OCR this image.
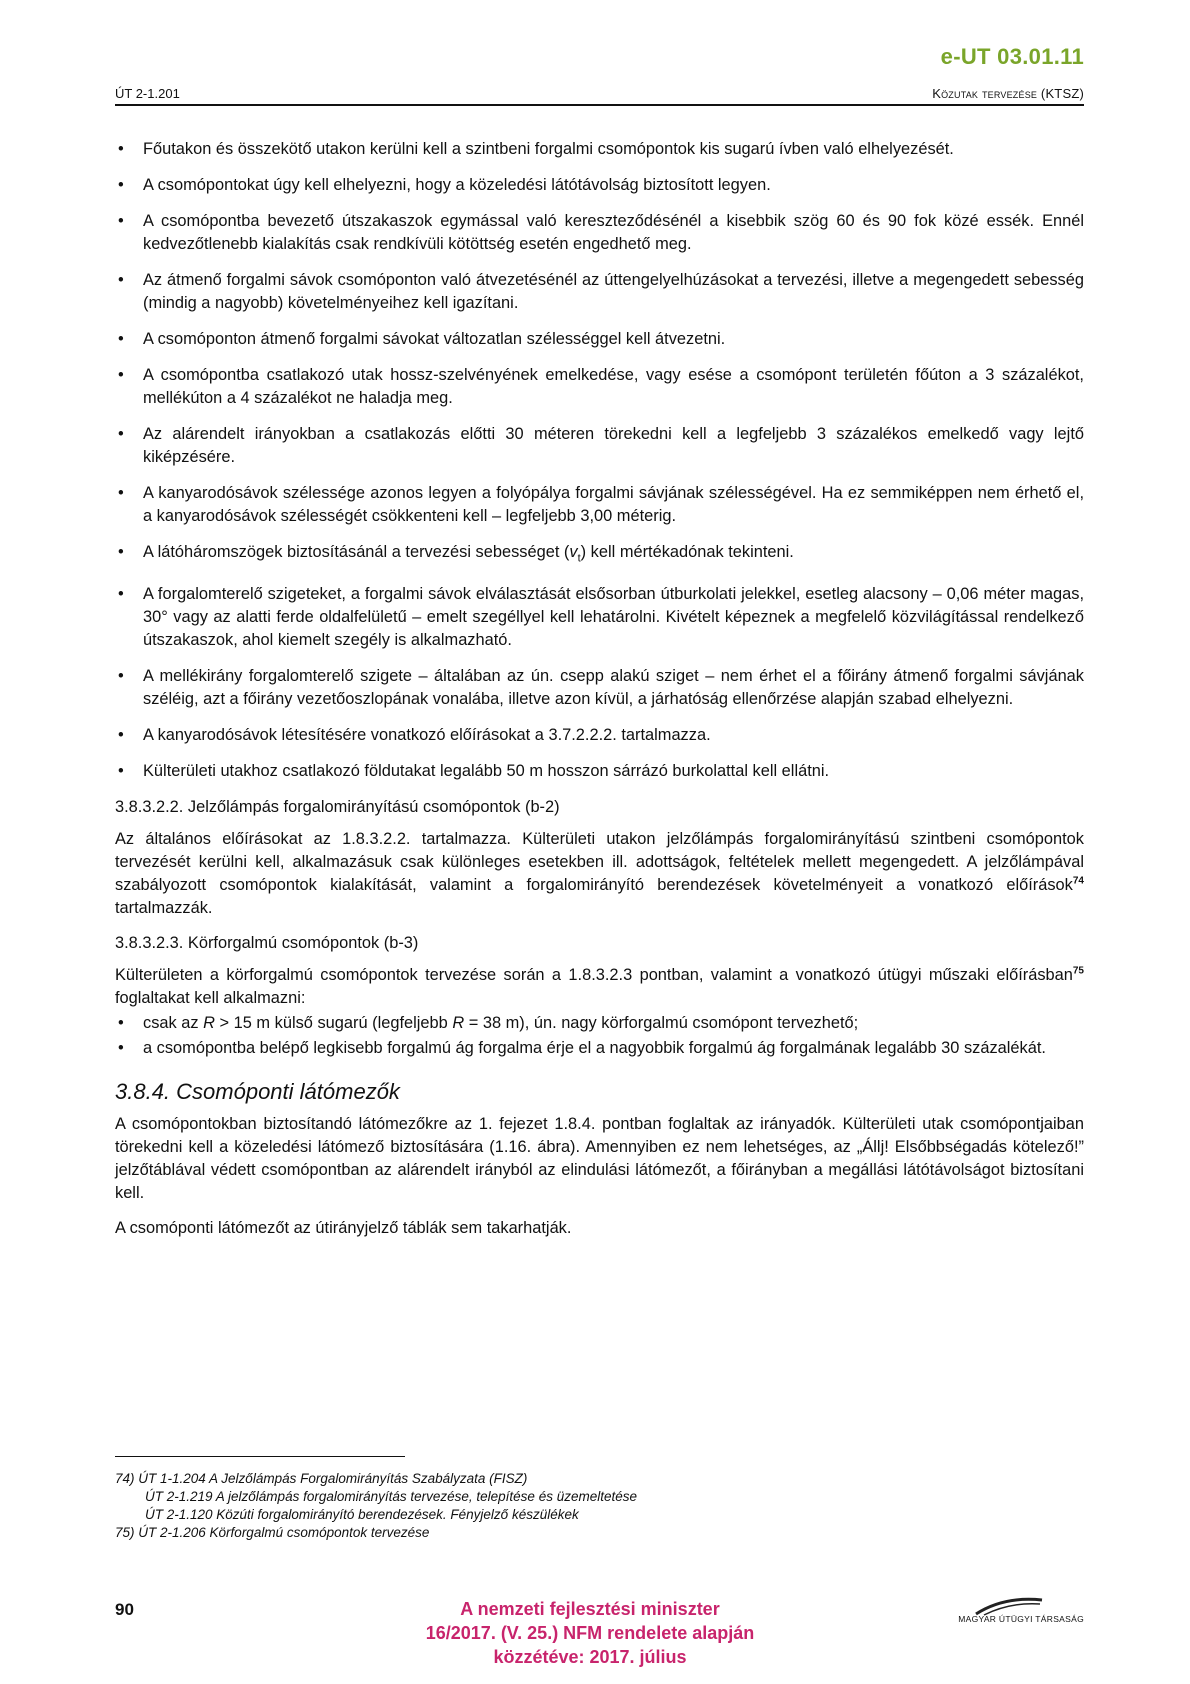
e-UT 03.01.11
ÚT 2-1.201	Közutak tervezése (KTSZ)
• Főutakon és összekötő utakon kerülni kell a szintbeni forgalmi csomópontok kis sugarú ívben való elhelyezését.
• A csomópontokat úgy kell elhelyezni, hogy a közeledési látótávolság biztosított legyen.
• A csomópontba bevezető útszakaszok egymással való kereszteződésénél a kisebbik szög 60 és 90 fok közé essék. Ennél kedvezőtlenebb kialakítás csak rendkívüli kötöttség esetén engedhető meg.
• Az átmenő forgalmi sávok csomóponton való átvezetésénél az úttengelyelhúzásokat a tervezési, illetve a megengedett sebesség (mindig a nagyobb) követelményeihez kell igazítani.
• A csomóponton átmenő forgalmi sávokat változatlan szélességgel kell átvezetni.
• A csomópontba csatlakozó utak hossz-szelvényének emelkedése, vagy esése a csomópont területén főúton a 3 százalékot, mellékúton a 4 százalékot ne haladja meg.
• Az alárendelt irányokban a csatlakozás előtti 30 méteren törekedni kell a legfeljebb 3 százalékos emelkedő vagy lejtő kiképzésére.
• A kanyarodósávok szélessége azonos legyen a folyópálya forgalmi sávjának szélességével. Ha ez semmiképpen nem érhető el, a kanyarodósávok szélességét csökkenteni kell – legfeljebb 3,00 méterig.
• A látóháromszögek biztosításánál a tervezési sebességet $(v_t)$ kell mértékadónak tekinteni.
• A forgalomterelő szigeteket, a forgalmi sávok elválasztását elsősorban útburkolati jelekkel, esetleg alacsony – 0,06 méter magas, 30° vagy az alatti ferde oldalfelületű – emelt szegéllyel kell lehatárolni. Kivételt képeznek a megfelelő közvilágítással rendelkező útszakaszok, ahol kiemelt szegély is alkalmazható.
• A mellékirány forgalomterelő szigete – általában az ún. csepp alakú sziget – nem érhet el a főirány átmenő forgalmi sávjának széléig, azt a főirány vezetőoszlopának vonalába, illetve azon kívül, a járhatóság ellenőrzése alapján szabad elhelyezni.
• A kanyarodósávok létesítésére vonatkozó előírásokat a 3.7.2.2.2. tartalmazza.
• Külterületi utakhoz csatlakozó földutakat legalább 50 m hosszon sárrázó burkolattal kell ellátni.
3.8.3.2.2. Jelzőlámpás forgalomirányítású csomópontok (b-2)

Az általános előírásokat az 1.8.3.2.2. tartalmazza. Külterületi utakon jelzőlámpás forgalomirányítású szintbeni csomópontok tervezését kerülni kell, alkalmazásuk csak különleges esetekben ill. adottságok, feltételek mellett megengedett. A jelzőlámpával szabályozott csomópontok kialakítását, valamint a forgalomirányító berendezések követelményeit a vonatkozó előírások$^{74}$ tartalmazzák.

3.8.3.2.3. Körforgalmú csomópontok (b-3)

Külterületen a körforgalmú csomópontok tervezése során a 1.8.3.2.3 pontban, valamint a vonatkozó útügyi műszaki előírásban$^{75}$ foglaltakat kell alkalmazni:

• csak az R > 15 m külső sugarú (legfeljebb R = 38 m), ún. nagy körforgalmú csomópont tervezhető;
• a csomópontba belépő legkisebb forgalmú ág forgalma érje el a nagyobbik forgalmú ág forgalmának legalább 30 százalékát.
3.8.4. Csomóponti látómezők

A csomópontokban biztosítandó látómezőkre az 1. fejezet 1.8.4. pontban foglaltak az irányadók. Külterületi utak csomópontjaiban törekedni kell a közeledési látómező biztosítására (1.16. ábra). Amennyiben ez nem lehetséges, az „Állj! Elsőbbségadás kötelező!” jelzőtáblával védett csomópontban az alárendelt irányból az elindulási látómezőt, a főirányban a megállási látótávolságot biztosítani kell.

A csomóponti látómezőt az útirányjelző táblák sem takarhatják.

74) ÚT 1-1.204 A Jelzőlámpás Forgalomirányítás Szabályzata (FISZ)
ÚT 2-1.219 A jelzőlámpás forgalomirányítás tervezése, telepítése és üzemeltetése
ÚT 2-1.120 Közúti forgalomirányító berendezések. Fényjelző készülékek
75) ÚT 2-1.206 Körforgalmú csomópontok tervezése
90	A nemzeti fejlesztési miniszter
16/2017. (V. 25.) NFM rendelete alapján
közzétéve: 2017. július
MAGYAR ÚTÜGYI TÁRSASÁG
